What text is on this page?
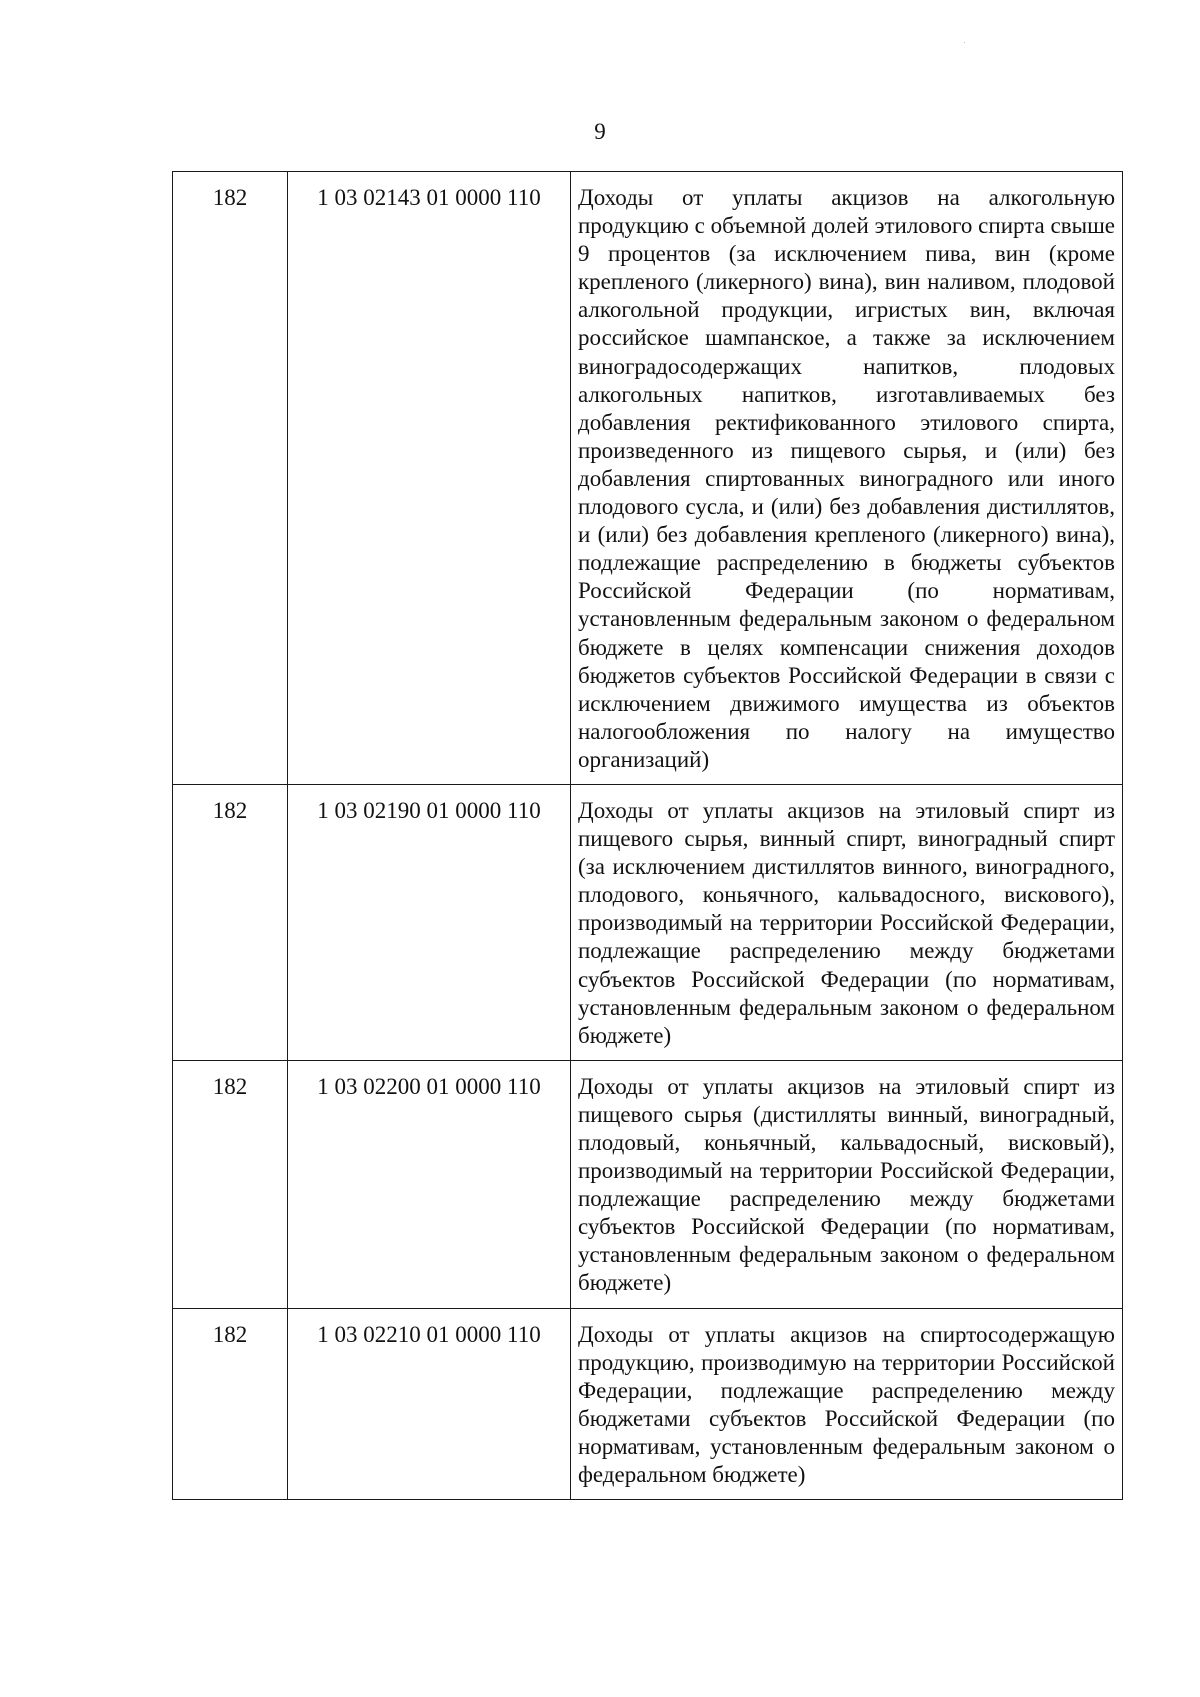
9
182	1 03 02143 01 0000 110	Доходы от уплаты акцизов на алкогольную продукцию с объемной долей этилового спирта свыше 9 процентов (за исключением пива, вин (кроме крепленого (ликерного) вина), вин наливом, плодовой алкогольной продукции, игристых вин, включая российское шампанское, а также за исключением виноградосодержащих напитков, плодовых алкогольных напитков, изготавливаемых без добавления ректификованного этилового спирта, произведенного из пищевого сырья, и (или) без добавления спиртованных виноградного или иного плодового сусла, и (или) без добавления дистиллятов, и (или) без добавления крепленого (ликерного) вина), подлежащие распределению в бюджеты субъектов Российской Федерации (по нормативам, установленным федеральным законом о федеральном бюджете в целях компенсации снижения доходов бюджетов субъектов Российской Федерации в связи с исключением движимого имущества из объектов налогообложения по налогу на имущество организаций)
182	1 03 02190 01 0000 110	Доходы от уплаты акцизов на этиловый спирт из пищевого сырья, винный спирт, виноградный спирт (за исключением дистиллятов винного, виноградного, плодового, коньячного, кальвадосного, вискового), производимый на территории Российской Федерации, подлежащие распределению между бюджетами субъектов Российской Федерации (по нормативам, установленным федеральным законом о федеральном бюджете)
182	1 03 02200 01 0000 110	Доходы от уплаты акцизов на этиловый спирт из пищевого сырья (дистилляты винный, виноградный, плодовый, коньячный, кальвадосный, висковый), производимый на территории Российской Федерации, подлежащие распределению между бюджетами субъектов Российской Федерации (по нормативам, установленным федеральным законом о федеральном бюджете)
182	1 03 02210 01 0000 110	Доходы от уплаты акцизов на спиртосодержащую продукцию, производимую на территории Российской Федерации, подлежащие распределению между бюджетами субъектов Российской Федерации (по нормативам, установленным федеральным законом о федеральном бюджете)
